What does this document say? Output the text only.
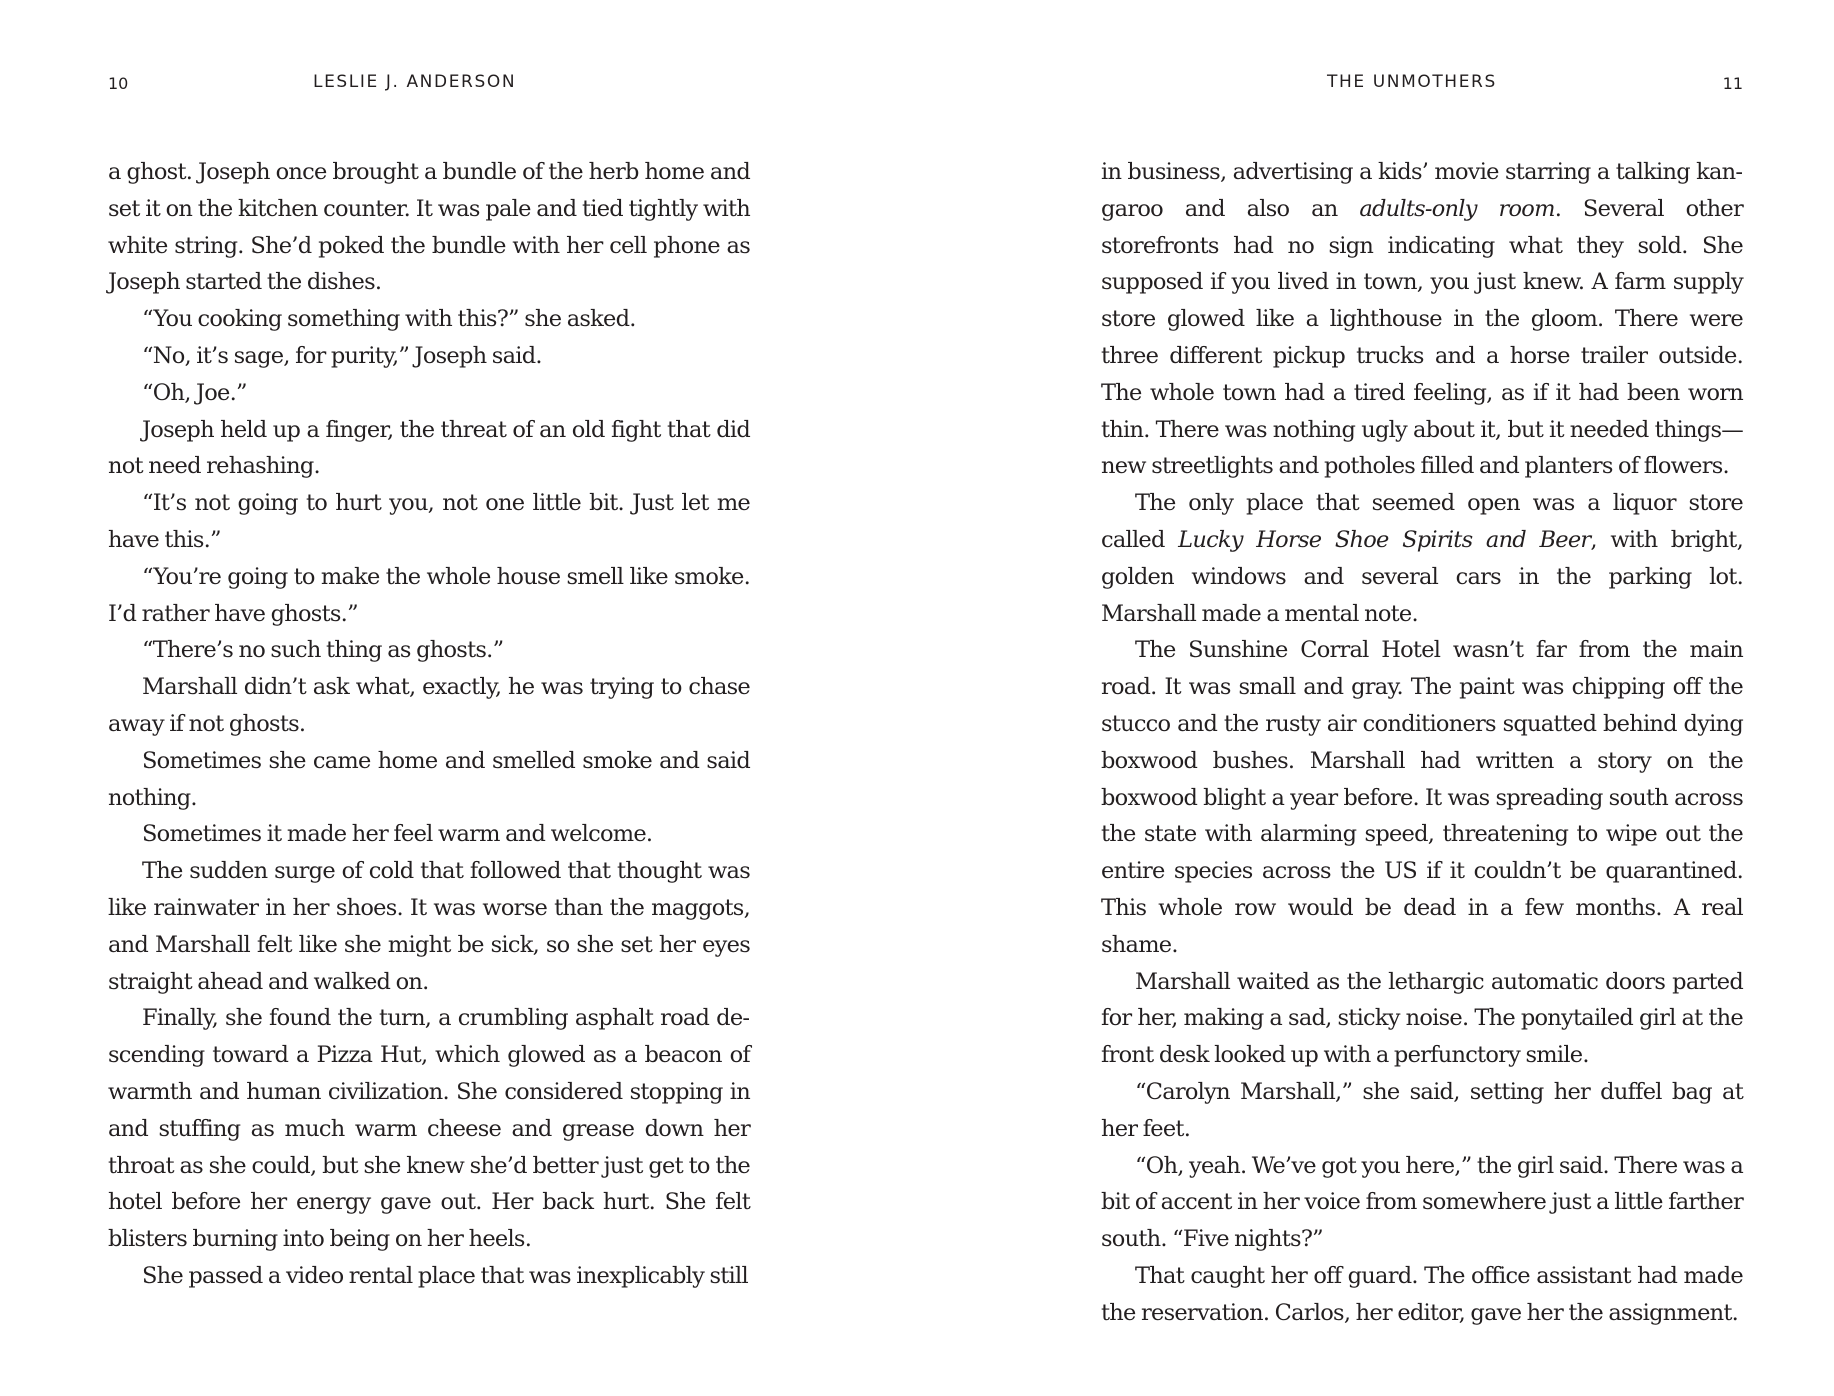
10	LESLIE J. ANDERSON

a ghost. Joseph once brought a bundle of the herb home and set it on the kitchen counter. It was pale and tied tightly with white string. She’d poked the bundle with her cell phone as Joseph started the dishes.

“You cooking something with this?” she asked.

“No, it’s sage, for purity,” Joseph said.

“Oh, Joe.”

Joseph held up a finger, the threat of an old fight that did not need rehashing.

“It’s not going to hurt you, not one little bit. Just let me have this.”

“You’re going to make the whole house smell like smoke. I’d rather have ghosts.”

“There’s no such thing as ghosts.”

Marshall didn’t ask what, exactly, he was trying to chase away if not ghosts.

Sometimes she came home and smelled smoke and said nothing.

Sometimes it made her feel warm and welcome.

The sudden surge of cold that followed that thought was like rainwater in her shoes. It was worse than the maggots, and Marshall felt like she might be sick, so she set her eyes straight ahead and walked on.

Finally, she found the turn, a crumbling asphalt road descending toward a Pizza Hut, which glowed as a beacon of warmth and human civilization. She considered stopping in and stuffing as much warm cheese and grease down her throat as she could, but she knew she’d better just get to the hotel before her energy gave out. Her back hurt. She felt blisters burning into being on her heels.

She passed a video rental place that was inexplicably still

THE UNMOTHERS	11

in business, advertising a kids’ movie starring a talking kangaroo and also an adults-only room. Several other storefronts had no sign indicating what they sold. She supposed if you lived in town, you just knew. A farm supply store glowed like a lighthouse in the gloom. There were three different pickup trucks and a horse trailer outside. The whole town had a tired feeling, as if it had been worn thin. There was nothing ugly about it, but it needed things—new streetlights and potholes filled and planters of flowers.

The only place that seemed open was a liquor store called Lucky Horse Shoe Spirits and Beer, with bright, golden windows and several cars in the parking lot. Marshall made a mental note.

The Sunshine Corral Hotel wasn’t far from the main road. It was small and gray. The paint was chipping off the stucco and the rusty air conditioners squatted behind dying boxwood bushes. Marshall had written a story on the boxwood blight a year before. It was spreading south across the state with alarming speed, threatening to wipe out the entire species across the US if it couldn’t be quarantined. This whole row would be dead in a few months. A real shame.

Marshall waited as the lethargic automatic doors parted for her, making a sad, sticky noise. The ponytailed girl at the front desk looked up with a perfunctory smile.

“Carolyn Marshall,” she said, setting her duffel bag at her feet.

“Oh, yeah. We’ve got you here,” the girl said. There was a bit of accent in her voice from somewhere just a little farther south. “Five nights?”

That caught her off guard. The office assistant had made the reservation. Carlos, her editor, gave her the assignment.
